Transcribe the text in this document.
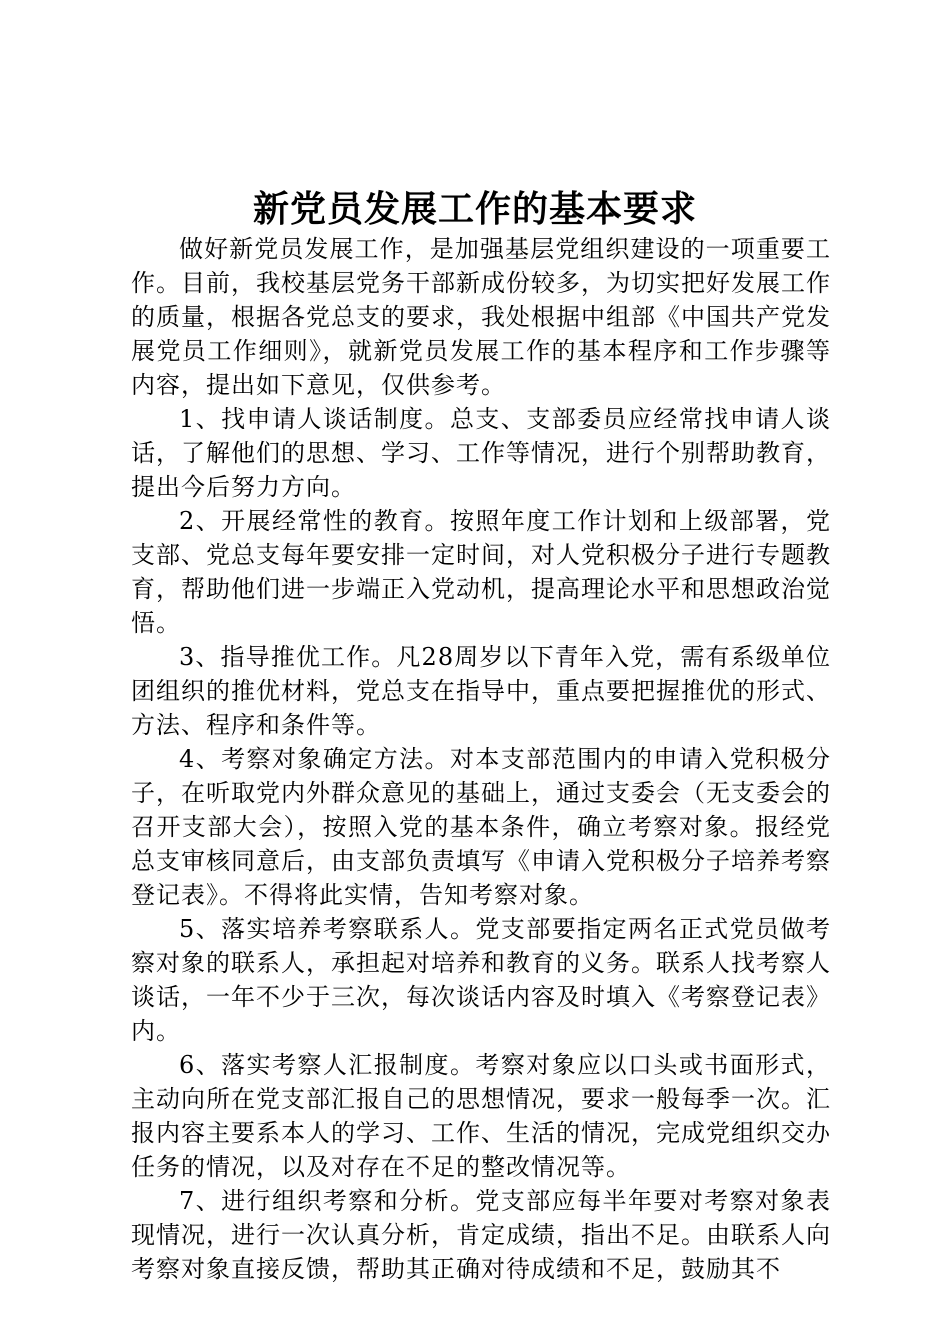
新党员发展工作的基本要求

做好新党员发展工作，是加强基层党组织建设的一项重要工作。目前，我校基层党务干部新成份较多，为切实把好发展工作的质量，根据各党总支的要求，我处根据中组部《中国共产党发展党员工作细则》，就新党员发展工作的基本程序和工作步骤等内容，提出如下意见，仅供参考。

1、找申请人谈话制度。总支、支部委员应经常找申请人谈话，了解他们的思想、学习、工作等情况，进行个别帮助教育，提出今后努力方向。

2、开展经常性的教育。按照年度工作计划和上级部署，党支部、党总支每年要安排一定时间，对人党积极分子进行专题教育，帮助他们进一步端正入党动机，提高理论水平和思想政治觉悟。

3、指导推优工作。凡28周岁以下青年入党，需有系级单位团组织的推优材料，党总支在指导中，重点要把握推优的形式、方法、程序和条件等。

4、考察对象确定方法。对本支部范围内的申请入党积极分子，在听取党内外群众意见的基础上，通过支委会（无支委会的召开支部大会），按照入党的基本条件，确立考察对象。报经党总支审核同意后，由支部负责填写《申请入党积极分子培养考察登记表》。不得将此实情，告知考察对象。

5、落实培养考察联系人。党支部要指定两名正式党员做考察对象的联系人，承担起对培养和教育的义务。联系人找考察人谈话，一年不少于三次，每次谈话内容及时填入《考察登记表》内。

6、落实考察人汇报制度。考察对象应以口头或书面形式，主动向所在党支部汇报自己的思想情况，要求一般每季一次。汇报内容主要系本人的学习、工作、生活的情况，完成党组织交办任务的情况，以及对存在不足的整改情况等。

7、进行组织考察和分析。党支部应每半年要对考察对象表现情况，进行一次认真分析，肯定成绩，指出不足。由联系人向考察对象直接反馈，帮助其正确对待成绩和不足，鼓励其不
